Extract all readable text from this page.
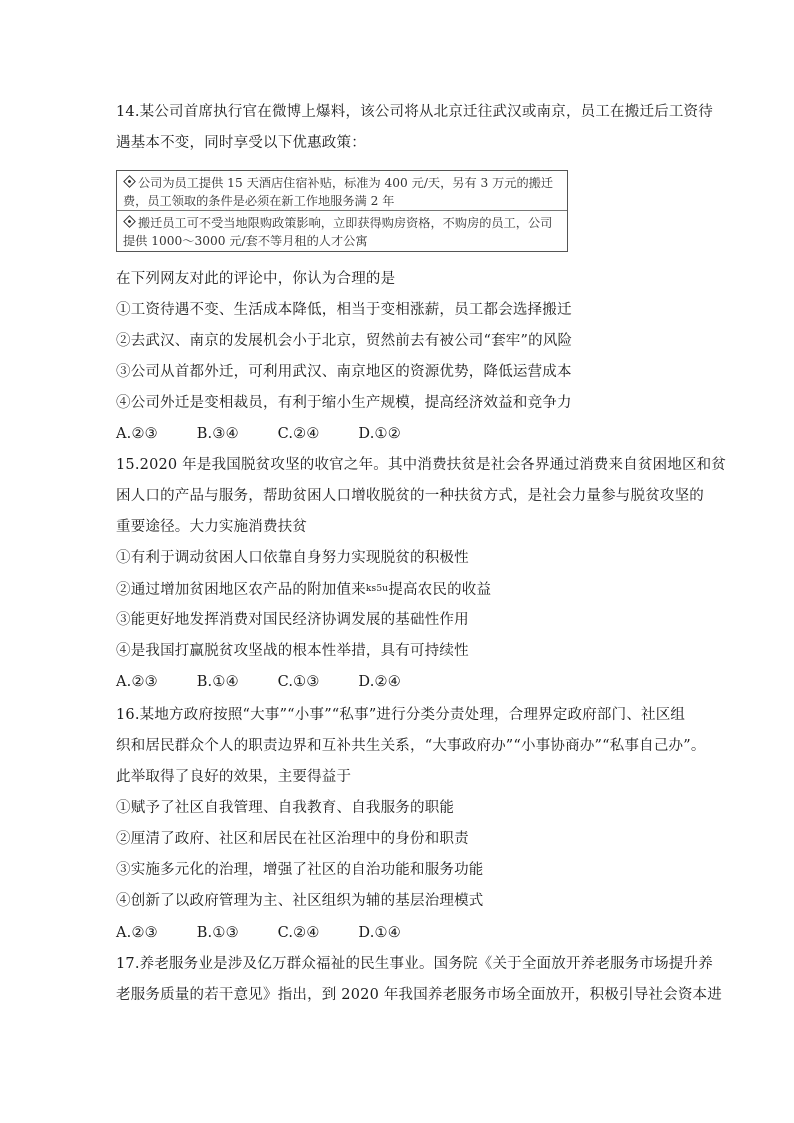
14.某公司首席执行官在微博上爆料，该公司将从北京迁往武汉或南京，员工在搬迁后工资待
遇基本不变，同时享受以下优惠政策：
公司为员工提供 15 天酒店住宿补贴，标准为 400 元/天，另有 3 万元的搬迁
费，员工领取的条件是必须在新工作地服务满 2 年
搬迁员工可不受当地限购政策影响，立即获得购房资格，不购房的员工，公司
提供 1000～3000 元/套不等月租的人才公寓
在下列网友对此的评论中，你认为合理的是
①工资待遇不变、生活成本降低，相当于变相涨薪，员工都会选择搬迁
②去武汉、南京的发展机会小于北京，贸然前去有被公司“套牢”的风险
③公司从首都外迁，可利用武汉、南京地区的资源优势，降低运营成本
④公司外迁是变相裁员，有利于缩小生产规模，提高经济效益和竞争力
A.②③	B.③④	C.②④	D.①②
15.2020 年是我国脱贫攻坚的收官之年。其中消费扶贫是社会各界通过消费来自贫困地区和贫
困人口的产品与服务，帮助贫困人口增收脱贫的一种扶贫方式，是社会力量参与脱贫攻坚的
重要途径。大力实施消费扶贫
①有利于调动贫困人口依靠自身努力实现脱贫的积极性
②通过增加贫困地区农产品的附加值来$^{ks5u}$提高农民的收益
③能更好地发挥消费对国民经济协调发展的基础性作用
④是我国打赢脱贫攻坚战的根本性举措，具有可持续性
A.②③	B.①④	C.①③	D.②④
16.某地方政府按照“大事”“小事”“私事”进行分类分责处理，合理界定政府部门、社区组
织和居民群众个人的职责边界和互补共生关系，“大事政府办”“小事协商办”“私事自己办”。
此举取得了良好的效果，主要得益于
①赋予了社区自我管理、自我教育、自我服务的职能
②厘清了政府、社区和居民在社区治理中的身份和职责
③实施多元化的治理，增强了社区的自治功能和服务功能
④创新了以政府管理为主、社区组织为辅的基层治理模式
A.②③	B.①③	C.②④	D.①④
17.养老服务业是涉及亿万群众福祉的民生事业。国务院《关于全面放开养老服务市场提升养
老服务质量的若干意见》指出，到 2020 年我国养老服务市场全面放开，积极引导社会资本进
